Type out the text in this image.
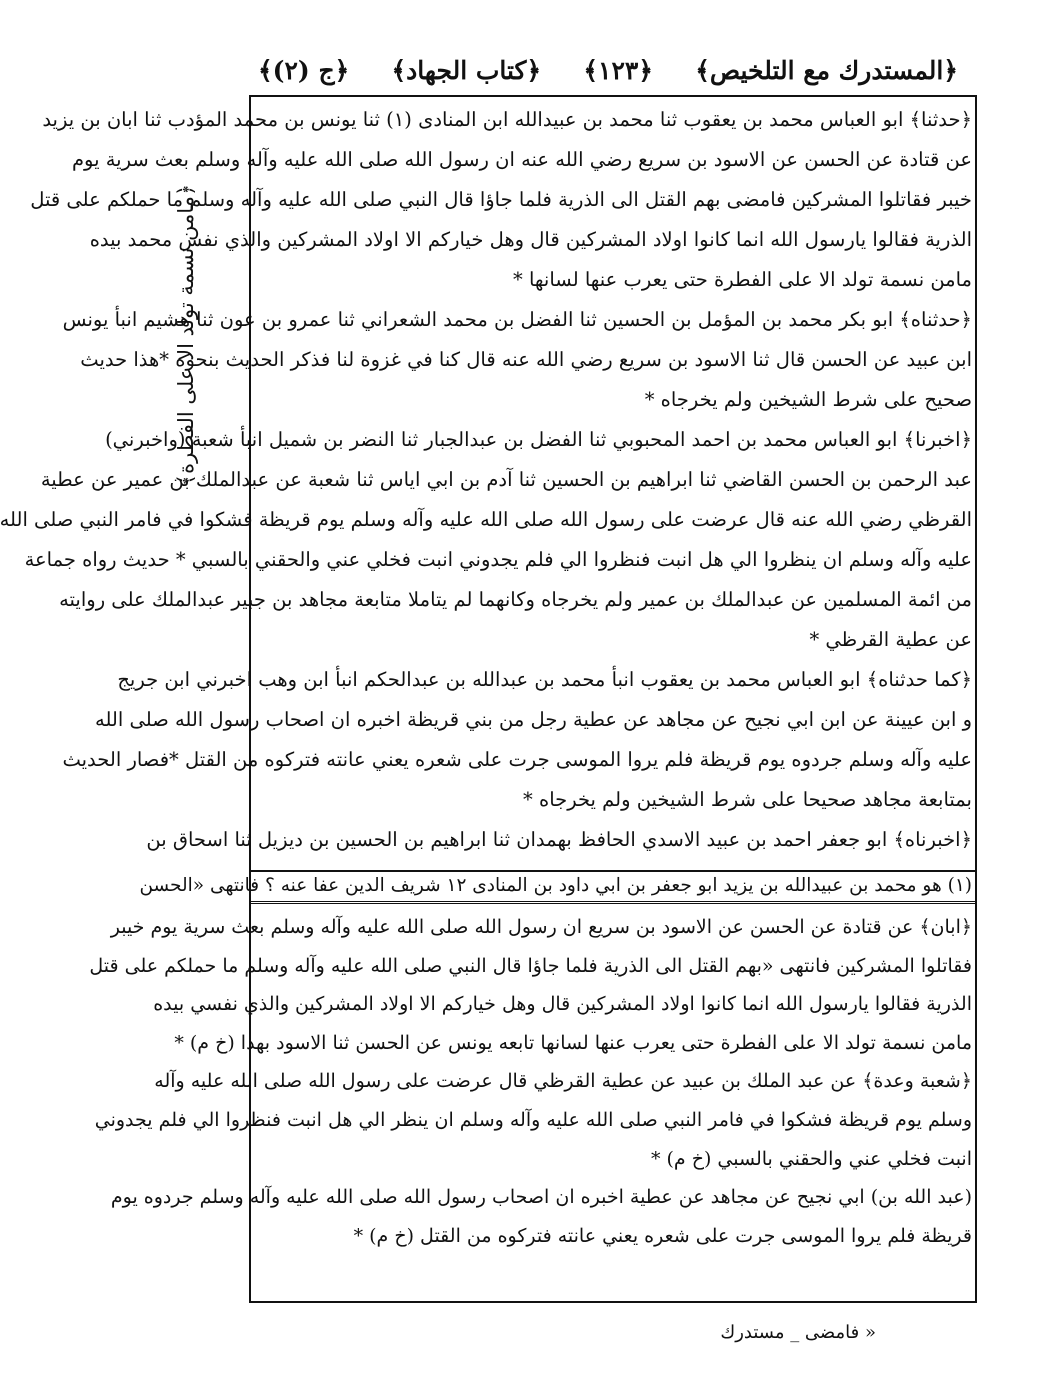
﴿المستدرك مع التلخيص﴾
﴿١٢٣﴾
﴿كتاب الجهاد﴾
﴿ج (٢)﴾
﴿مامن نسمة تولد الا على الفطرة﴾
﴿حدثنا﴾ ابو العباس محمد بن يعقوب ثنا محمد بن عبيدالله ابن المنادى (١) ثنا يونس بن محمد المؤدب ثنا ابان بن يزيد
عن قتادة عن الحسن عن الاسود بن سريع رضي الله عنه ان رسول الله صلى الله عليه وآله وسلم بعث سرية يوم
خيبر فقاتلوا المشركين فامضى بهم القتل الى الذرية فلما جاؤا قال النبي صلى الله عليه وآله وسلم ما حملكم على قتل
الذرية فقالوا يارسول الله انما كانوا اولاد المشركين قال وهل خياركم الا اولاد المشركين والذي نفس محمد بيده
مامن نسمة تولد الا على الفطرة حتى يعرب عنها لسانها *
﴿حدثناه﴾ ابو بكر محمد بن المؤمل بن الحسين ثنا الفضل بن محمد الشعراني ثنا عمرو بن عون ثنا هشيم انبأ يونس
ابن عبيد عن الحسن قال ثنا الاسود بن سريع رضي الله عنه قال كنا في غزوة لنا فذكر الحديث بنحوه *هذا حديث
صحيح على شرط الشيخين ولم يخرجاه *
﴿اخبرنا﴾ ابو العباس محمد بن احمد المحبوبي ثنا الفضل بن عبدالجبار ثنا النضر بن شميل انبأ شعبة (واخبرني)
عبد الرحمن بن الحسن القاضي ثنا ابراهيم بن الحسين ثنا آدم بن ابي اياس ثنا شعبة عن عبدالملك بن عمير عن عطية
القرظي رضي الله عنه قال عرضت على رسول الله صلى الله عليه وآله وسلم يوم قريظة فشكوا في فامر النبي صلى الله
عليه وآله وسلم ان ينظروا الي هل انبت فنظروا الي فلم يجدوني انبت فخلي عني والحقني بالسبي * حديث رواه جماعة
من ائمة المسلمين عن عبدالملك بن عمير ولم يخرجاه وكانهما لم يتاملا متابعة مجاهد بن جبير عبدالملك على روايته
عن عطية القرظي *
﴿كما حدثناه﴾ ابو العباس محمد بن يعقوب انبأ محمد بن عبدالله بن عبدالحكم انبأ ابن وهب اخبرني ابن جريج
و ابن عيينة عن ابن ابي نجيح عن مجاهد عن عطية رجل من بني قريظة اخبره ان اصحاب رسول الله صلى الله
عليه وآله وسلم جردوه يوم قريظة فلم يروا الموسى جرت على شعره يعني عانته فتركوه من القتل *فصار الحديث
بمتابعة مجاهد صحيحا على شرط الشيخين ولم يخرجاه *
﴿اخبرناه﴾ ابو جعفر احمد بن عبيد الاسدي الحافظ بهمدان ثنا ابراهيم بن الحسين بن ديزيل ثنا اسحاق بن
(١) هو محمد بن عبيدالله بن يزيد ابو جعفر بن ابي داود بن المنادى ١٢ شريف الدين عفا عنه ؟ فانتهى «الحسن
﴿ابان﴾ عن قتادة عن الحسن عن الاسود بن سريع ان رسول الله صلى الله عليه وآله وسلم بعث سرية يوم خيبر
فقاتلوا المشركين فانتهى «بهم القتل الى الذرية فلما جاؤا قال النبي صلى الله عليه وآله وسلم ما حملكم على قتل
الذرية فقالوا يارسول الله انما كانوا اولاد المشركين قال وهل خياركم الا اولاد المشركين والذي نفسي بيده
مامن نسمة تولد الا على الفطرة حتى يعرب عنها لسانها تابعه يونس عن الحسن ثنا الاسود بهذا (خ م) *
﴿شعبة وعدة﴾ عن عبد الملك بن عبيد عن عطية القرظي قال عرضت على رسول الله صلى الله عليه وآله
وسلم يوم قريظة فشكوا في فامر النبي صلى الله عليه وآله وسلم ان ينظر الي هل انبت فنظروا الي فلم يجدوني
انبت فخلي عني والحقني بالسبي (خ م) *
(عبد الله بن) ابي نجيح عن مجاهد عن عطية اخبره ان اصحاب رسول الله صلى الله عليه وآله وسلم جردوه يوم
قريظة فلم يروا الموسى جرت على شعره يعني عانته فتركوه من القتل (خ م) *
« فامضى _ مستدرك
